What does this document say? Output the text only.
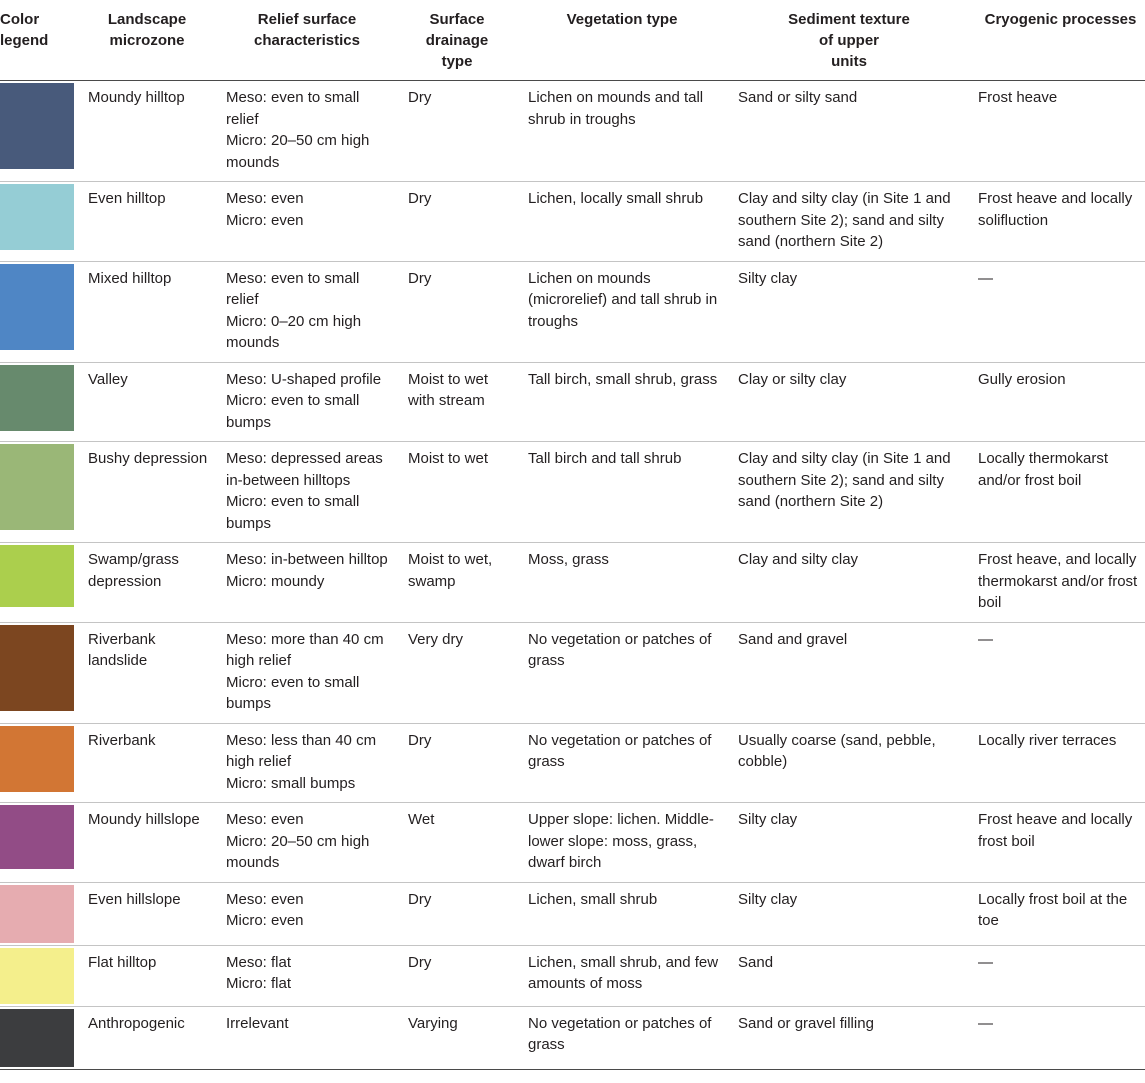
Color
legend	Landscape
microzone	Relief surface
characteristics	Surface
drainage
type	Vegetation type	Sediment texture
of upper
units	Cryogenic processes

	Moundy hilltop	Meso: even to small relief
Micro: 20–50 cm high mounds	Dry	Lichen on mounds and tall shrub in troughs	Sand or silty sand	Frost heave

	Even hilltop	Meso: even
Micro: even	Dry	Lichen, locally small shrub	Clay and silty clay (in Site 1 and southern Site 2); sand and silty sand (northern Site 2)	Frost heave and locally solifluction

	Mixed hilltop	Meso: even to small relief
Micro: 0–20 cm high mounds	Dry	Lichen on mounds (microrelief) and tall shrub in troughs	Silty clay	—

	Valley	Meso: U-shaped profile
Micro: even to small bumps	Moist to wet with stream	Tall birch, small shrub, grass	Clay or silty clay	Gully erosion

	Bushy depression	Meso: depressed areas in-between hilltops
Micro: even to small bumps	Moist to wet	Tall birch and tall shrub	Clay and silty clay (in Site 1 and southern Site 2); sand and silty sand (northern Site 2)	Locally thermokarst and/or frost boil

	Swamp/grass depression	Meso: in-between hilltop
Micro: moundy	Moist to wet, swamp	Moss, grass	Clay and silty clay	Frost heave, and locally thermokarst and/or frost boil

	Riverbank landslide	Meso: more than 40 cm high relief
Micro: even to small bumps	Very dry	No vegetation or patches of grass	Sand and gravel	—

	Riverbank	Meso: less than 40 cm high relief
Micro: small bumps	Dry	No vegetation or patches of grass	Usually coarse (sand, pebble, cobble)	Locally river terraces

	Moundy hillslope	Meso: even
Micro: 20–50 cm high mounds	Wet	Upper slope: lichen. Middle-lower slope: moss, grass, dwarf birch	Silty clay	Frost heave and locally frost boil

	Even hillslope	Meso: even
Micro: even	Dry	Lichen, small shrub	Silty clay	Locally frost boil at the toe

	Flat hilltop	Meso: flat
Micro: flat	Dry	Lichen, small shrub, and few amounts of moss	Sand	—

	Anthropogenic	Irrelevant	Varying	No vegetation or patches of grass	Sand or gravel filling	—
